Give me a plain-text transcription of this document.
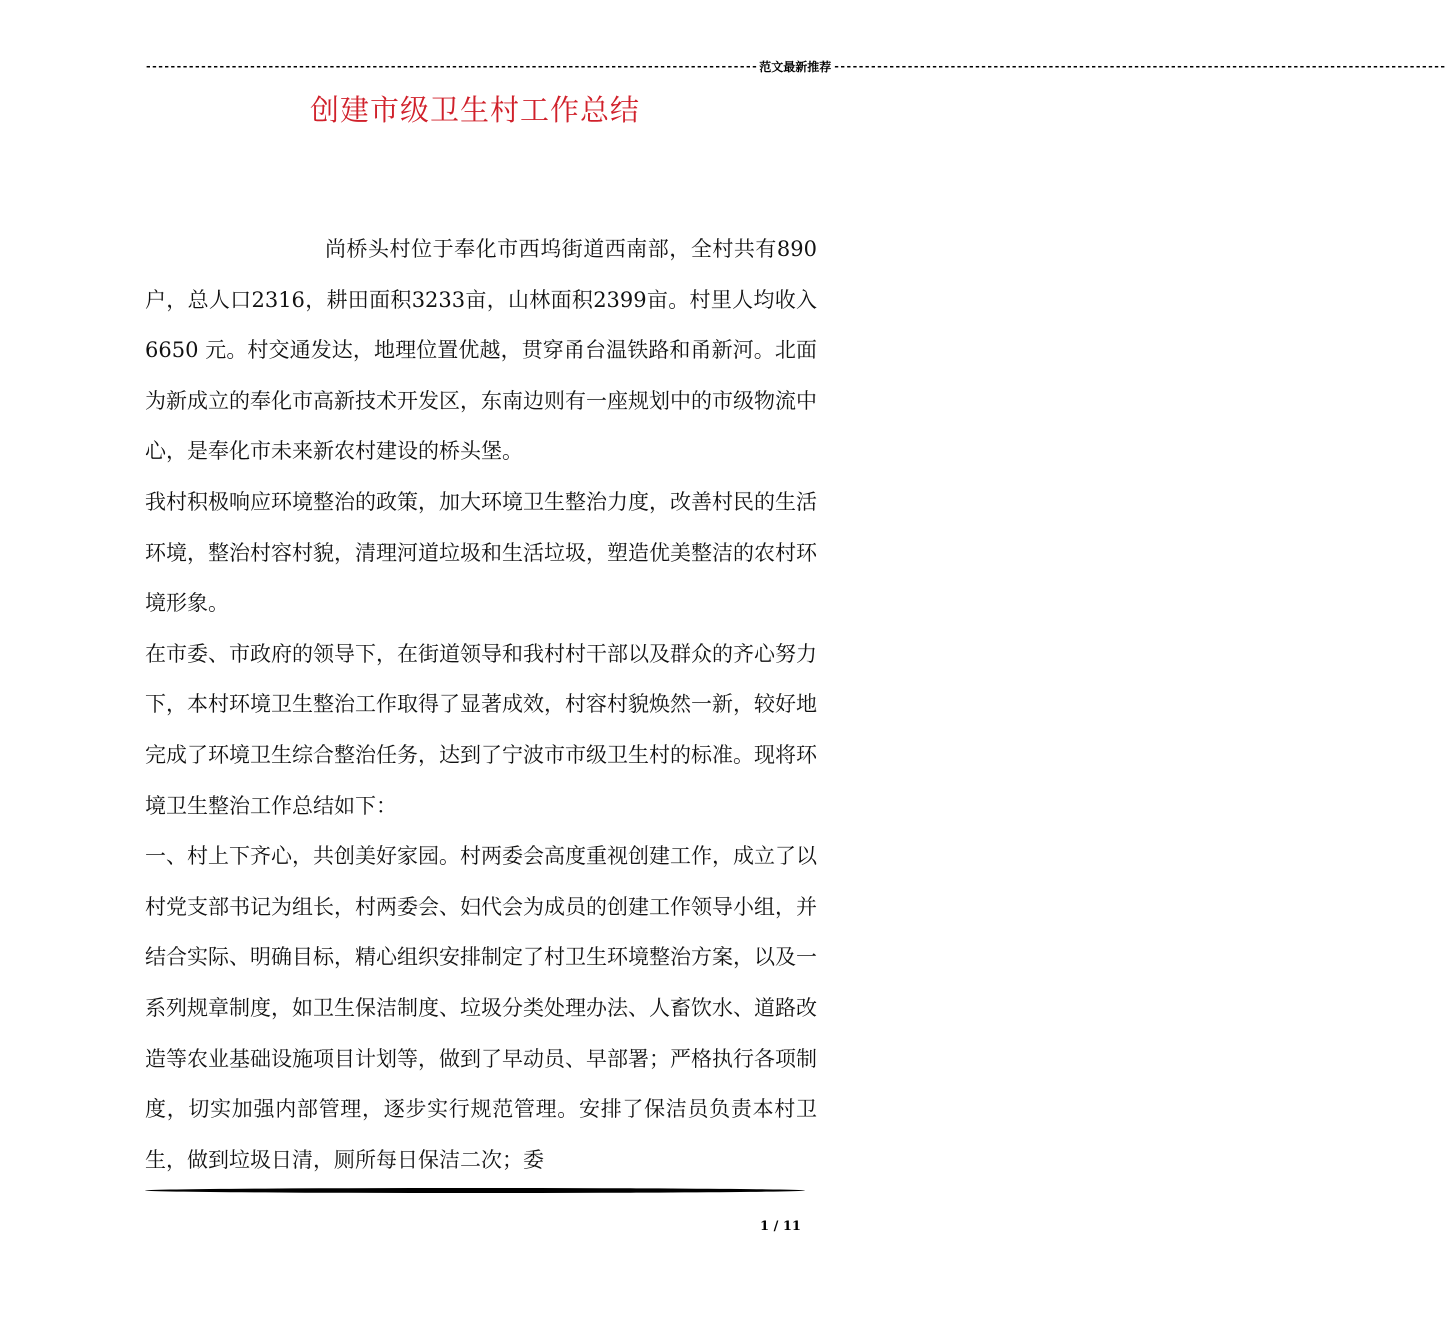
---------------------------------------------------------------------------------------------------- 范文最新推荐 ----------------------------------------------------------------------------------------------------
创建市级卫生村工作总结

尚桥头村位于奉化市西坞街道西南部，全村共有890户，总人口2316，耕田面积3233亩，山林面积2399亩。村里人均收入 6650 元。村交通发达，地理位置优越，贯穿甬台温铁路和甬新河。北面为新成立的奉化市高新技术开发区，东南边则有一座规划中的市级物流中心，是奉化市未来新农村建设的桥头堡。

我村积极响应环境整治的政策，加大环境卫生整治力度，改善村民的生活环境，整治村容村貌，清理河道垃圾和生活垃圾，塑造优美整洁的农村环境形象。

在市委、市政府的领导下，在街道领导和我村村干部以及群众的齐心努力下，本村环境卫生整治工作取得了显著成效，村容村貌焕然一新，较好地完成了环境卫生综合整治任务，达到了宁波市市级卫生村的标准。现将环境卫生整治工作总结如下：

一、村上下齐心，共创美好家园。村两委会高度重视创建工作，成立了以村党支部书记为组长，村两委会、妇代会为成员的创建工作领导小组，并结合实际、明确目标，精心组织安排制定了村卫生环境整治方案，以及一系列规章制度，如卫生保洁制度、垃圾分类处理办法、人畜饮水、道路改造等农业基础设施项目计划等，做到了早动员、早部署；严格执行各项制度，切实加强内部管理，逐步实行规范管理。安排了保洁员负责本村卫生，做到垃圾日清，厕所每日保洁二次；委

1 / 11
